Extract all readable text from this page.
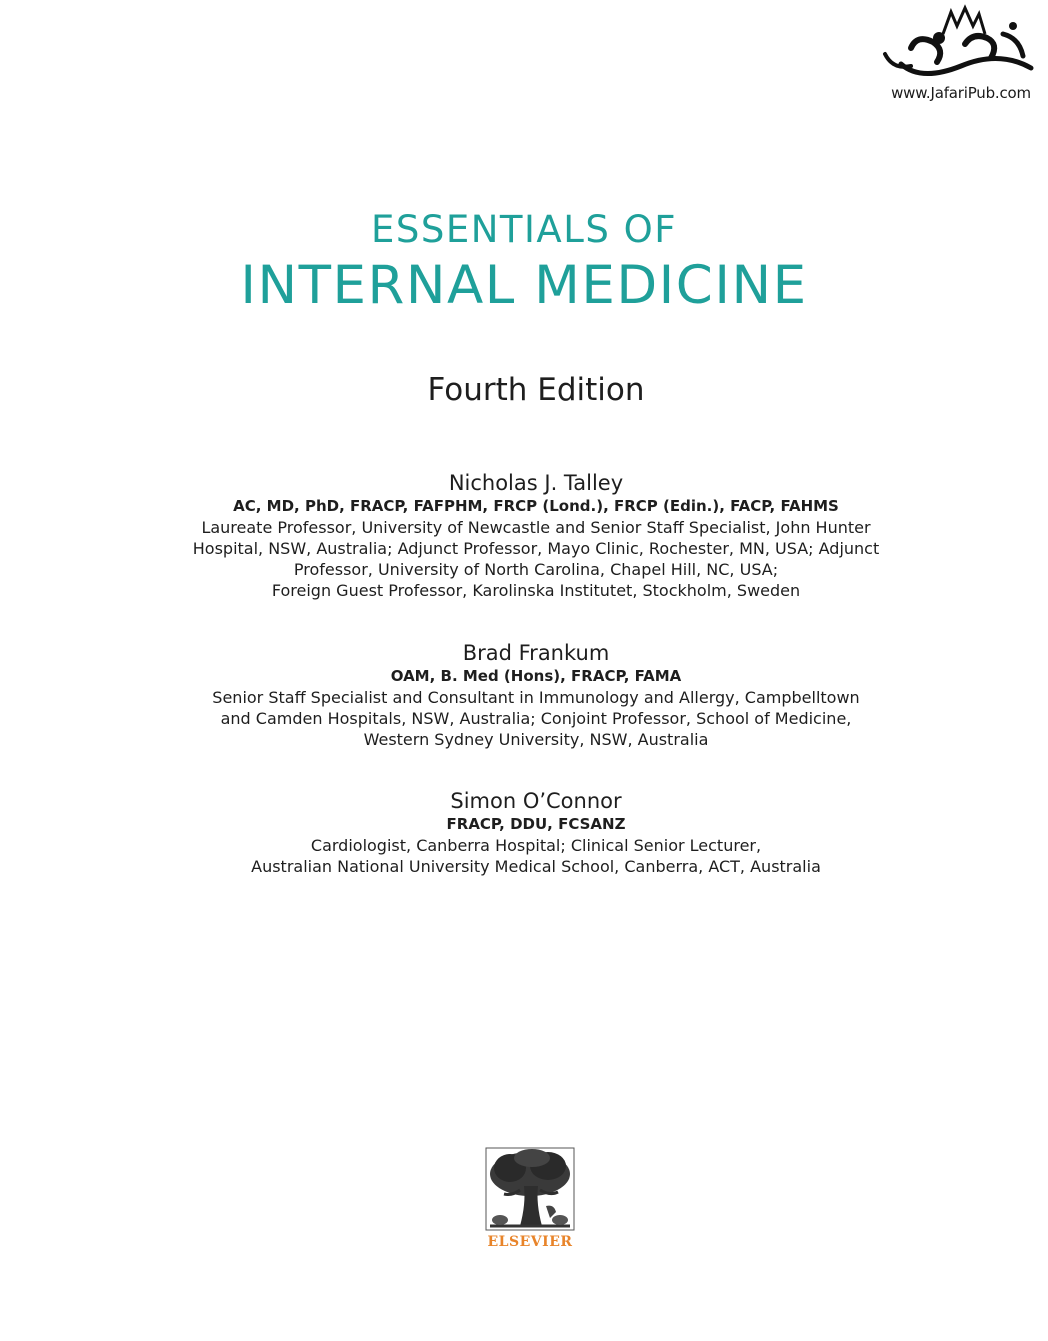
www.JafariPub.com
ESSENTIALS OF
INTERNAL MEDICINE
Fourth Edition
Nicholas J. Talley
AC, MD, PhD, FRACP, FAFPHM, FRCP (Lond.), FRCP (Edin.), FACP, FAHMS
Laureate Professor, University of Newcastle and Senior Staff Specialist, John Hunter
Hospital, NSW, Australia; Adjunct Professor, Mayo Clinic, Rochester, MN, USA; Adjunct
Professor, University of North Carolina, Chapel Hill, NC, USA;
Foreign Guest Professor, Karolinska Institutet, Stockholm, Sweden
Brad Frankum
OAM, B. Med (Hons), FRACP, FAMA
Senior Staff Specialist and Consultant in Immunology and Allergy, Campbelltown
and Camden Hospitals, NSW, Australia; Conjoint Professor, School of Medicine,
Western Sydney University, NSW, Australia
Simon O’Connor
FRACP, DDU, FCSANZ
Cardiologist, Canberra Hospital; Clinical Senior Lecturer,
Australian National University Medical School, Canberra, ACT, Australia
ELSEVIER
